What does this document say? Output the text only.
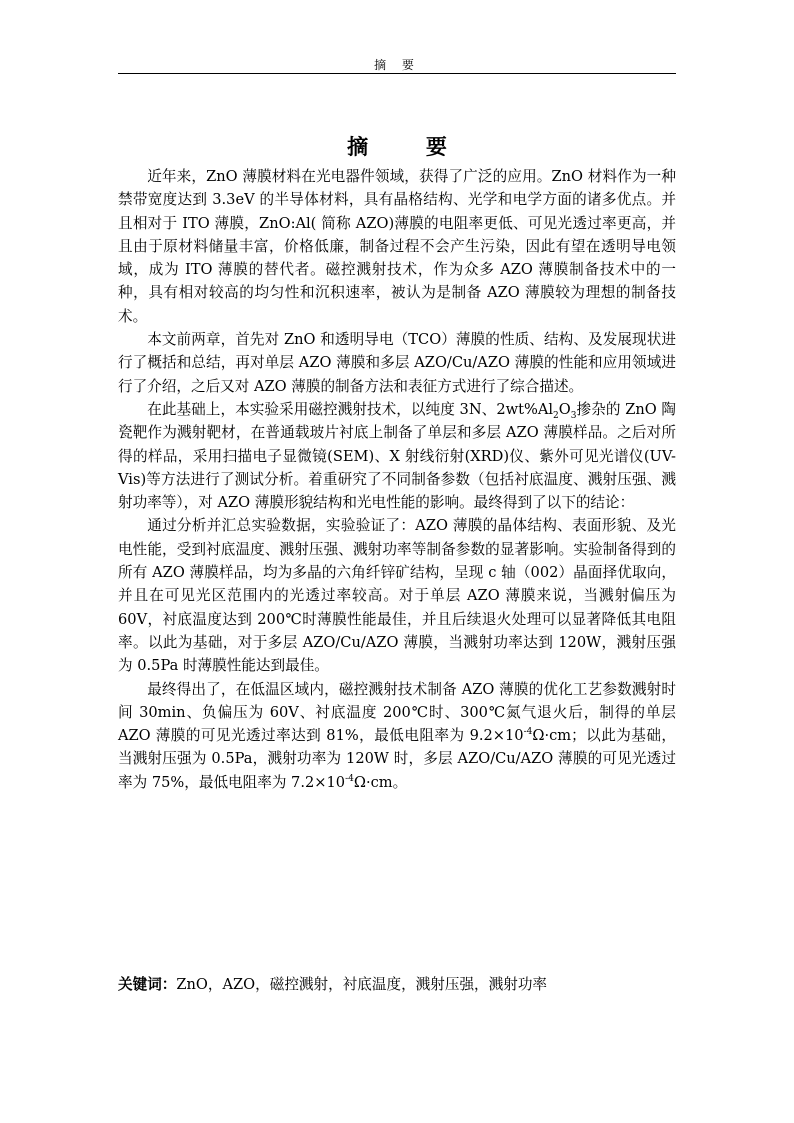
摘 要
摘 要

近年来，ZnO 薄膜材料在光电器件领域，获得了广泛的应用。ZnO 材料作为一种禁带宽度达到 3.3eV 的半导体材料，具有晶格结构、光学和电学方面的诸多优点。并且相对于 ITO 薄膜，ZnO:Al( 简称 AZO)薄膜的电阻率更低、可见光透过率更高，并且由于原材料储量丰富，价格低廉，制备过程不会产生污染，因此有望在透明导电领域，成为 ITO 薄膜的替代者。磁控溅射技术，作为众多 AZO 薄膜制备技术中的一种，具有相对较高的均匀性和沉积速率，被认为是制备 AZO 薄膜较为理想的制备技术。

本文前两章，首先对 ZnO 和透明导电（TCO）薄膜的性质、结构、及发展现状进行了概括和总结，再对单层 AZO 薄膜和多层 AZO/Cu/AZO 薄膜的性能和应用领域进行了介绍，之后又对 AZO 薄膜的制备方法和表征方式进行了综合描述。

在此基础上，本实验采用磁控溅射技术，以纯度 3N、$2wt\%Al_2O_3$掺杂的 ZnO 陶瓷靶作为溅射靶材，在普通载玻片衬底上制备了单层和多层 AZO 薄膜样品。之后对所得的样品，采用扫描电子显微镜(SEM)、X 射线衍射(XRD)仪、紫外可见光谱仪(UV-Vis)等方法进行了测试分析。着重研究了不同制备参数（包括衬底温度、溅射压强、溅射功率等），对 AZO 薄膜形貌结构和光电性能的影响。最终得到了以下的结论：

通过分析并汇总实验数据，实验验证了：AZO 薄膜的晶体结构、表面形貌、及光电性能，受到衬底温度、溅射压强、溅射功率等制备参数的显著影响。实验制备得到的所有 AZO 薄膜样品，均为多晶的六角纤锌矿结构，呈现 c 轴（002）晶面择优取向，并且在可见光区范围内的光透过率较高。对于单层 AZO 薄膜来说，当溅射偏压为 60V，衬底温度达到 200℃时薄膜性能最佳，并且后续退火处理可以显著降低其电阻率。以此为基础，对于多层 AZO/Cu/AZO 薄膜，当溅射功率达到 120W，溅射压强为 0.5Pa 时薄膜性能达到最佳。

最终得出了，在低温区域内，磁控溅射技术制备 AZO 薄膜的优化工艺参数溅射时间 30min、负偏压为 60V、衬底温度 200℃时、300℃氮气退火后，制得的单层 AZO 薄膜的可见光透过率达到 81%，最低电阻率为 $9.2\times 10^{-4}\Omega\cdot cm$；以此为基础，当溅射压强为 0.5Pa，溅射功率为 120W 时，多层 AZO/Cu/AZO 薄膜的可见光透过率为 75%，最低电阻率为 $7.2\times 10^{-4}\Omega\cdot cm$。

关键词：ZnO，AZO，磁控溅射，衬底温度，溅射压强，溅射功率
